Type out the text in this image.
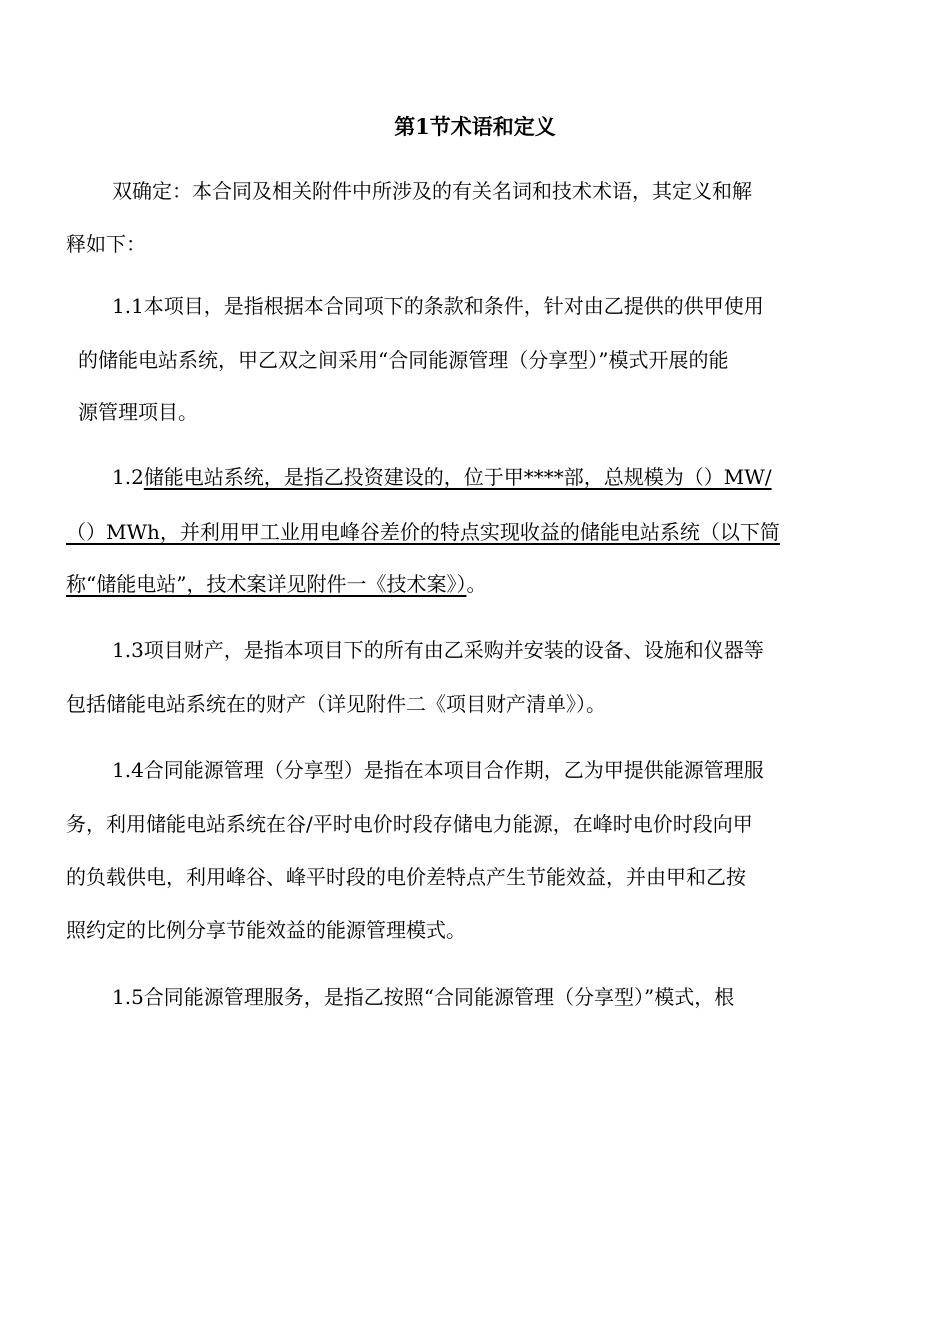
第1节术语和定义
双确定：本合同及相关附件中所涉及的有关名词和技术术语，其定义和解
释如下：
1.1本项目，是指根据本合同项下的条款和条件，针对由乙提供的供甲使用
的储能电站系统，甲乙双之间采用“合同能源管理（分享型）”模式开展的能
源管理项目。
1.2储能电站系统，是指乙投资建设的，位于甲****部，总规模为（）MW/
（）MWh，并利用甲工业用电峰谷差价的特点实现收益的储能电站系统（以下简
称“储能电站”，技术案详见附件一《技术案》）。
1.3项目财产，是指本项目下的所有由乙采购并安装的设备、设施和仪器等
包括储能电站系统在的财产（详见附件二《项目财产清单》）。
1.4合同能源管理（分享型）是指在本项目合作期，乙为甲提供能源管理服
务，利用储能电站系统在谷/平时电价时段存储电力能源，在峰时电价时段向甲
的负载供电，利用峰谷、峰平时段的电价差特点产生节能效益，并由甲和乙按
照约定的比例分享节能效益的能源管理模式。
1.5合同能源管理服务，是指乙按照“合同能源管理（分享型）”模式，根
